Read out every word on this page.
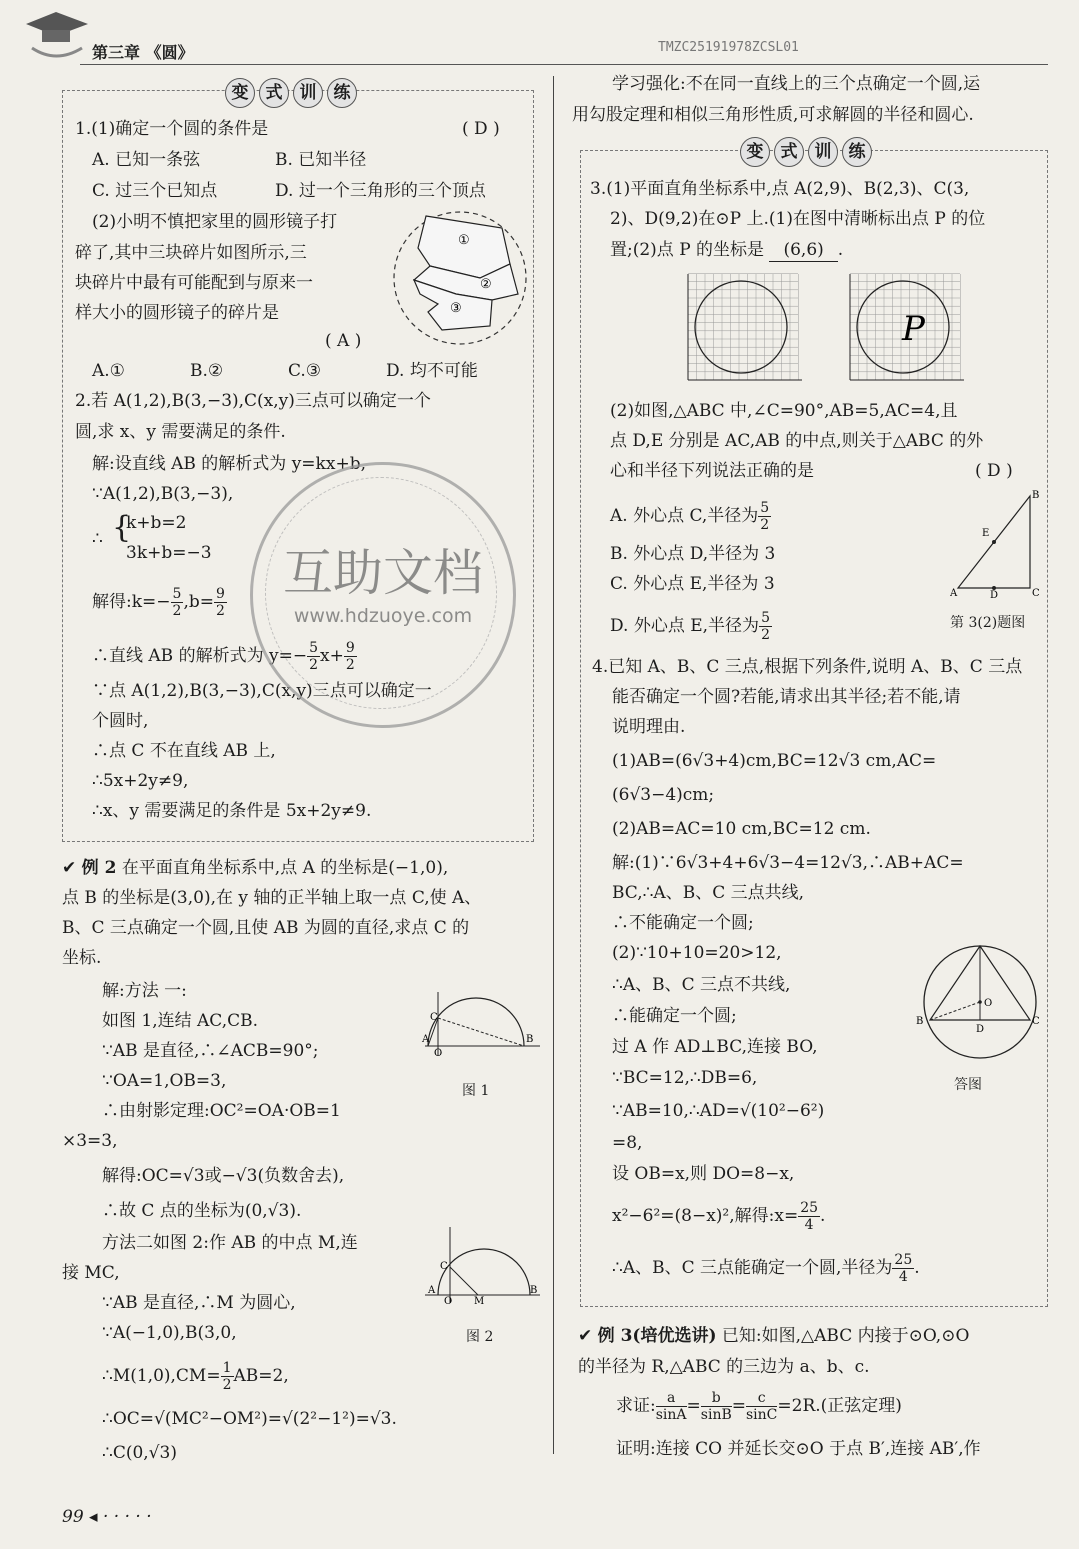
第三章 《圆》	TMZC25191978ZCSL01
变	式	训	练
1.(1)确定一个圆的条件是	( D )
A. 已知一条弦	B. 已知半径
C. 过三个已知点	D. 过一个三角形的三个顶点
(2)小明不慎把家里的圆形镜子打
碎了,其中三块碎片如图所示,三
块碎片中最有可能配到与原来一
样大小的圆形镜子的碎片是
( A )
①
②
③
A.①	B.②	C.③	D. 均不可能
2.若 A(1,2),B(3,−3),C(x,y)三点可以确定一个
圆,求 x、y 需要满足的条件.
解:设直线 AB 的解析式为 y=kx+b,
∵A(1,2),B(3,−3),
∴ {
k+b=2
3k+b=−3
解得:k=− $\frac{5}{2} ,b= \frac{9}{2}$
∴直线 AB 的解析式为 $y=- \frac{5}{2} x+ \frac{9}{2}$
∵点 A(1,2),B(3,−3),C(x,y)三点可以确定一
个圆时,
∴点 C 不在直线 AB 上,
∴5x+2y≠9,
∴x、y 需要满足的条件是 5x+2y≠9.
互助文档
www.hdzuoye.com
✔ 例 2 在平面直角坐标系中,点 A 的坐标是(−1,0),
点 B 的坐标是(3,0),在 y 轴的正半轴上取一点 C,使 A、
B、C 三点确定一个圆,且使 AB 为圆的直径,求点 C 的
坐标.
解:方法 一:
如图 1,连结 AC,CB.
∵AB 是直径,∴∠ACB=90°;
∵OA=1,OB=3,
∴由射影定理:OC²=OA·OB=1
×3=3,
解得:OC=√3或−√3(负数舍去),
∴故 C 点的坐标为(0,√3).
C
A	B
O
图 1
方法二如图 2:作 AB 的中点 M,连
接 MC,
∵AB 是直径,∴M 为圆心,
∵A(−1,0),B(3,0,
∴M(1,0),CM= $\frac{1}{2} AB=2$,
∴OC=√(MC²−OM²)=√(2²−1²)=√3.
∴C(0,√3)
C
A	B
O M
图 2
99 ◂ · · · · ·
学习强化:不在同一直线上的三个点确定一个圆,运
用勾股定理和相似三角形性质,可求解圆的半径和圆心.
变	式	训	练
3.(1)平面直角坐标系中,点 A(2,9)、B(2,3)、C(3,
2)、D(9,2)在⊙P 上.(1)在图中清晰标出点 P 的位
置;(2)点 P 的坐标是 (6,6) .
P
(2)如图,△ABC 中,∠C=90°,AB=5,AC=4,且
点 D,E 分别是 AC,AB 的中点,则关于△ABC 的外
心和半径下列说法正确的是	( D )
A. 外心点 C,半径为 $\frac{5}{2}$
B. 外心点 D,半径为 3
C. 外心点 E,半径为 3
D. 外心点 E,半径为 $\frac{5}{2}$
B
E
A	D	C
第 3(2)题图
4.已知 A、B、C 三点,根据下列条件,说明 A、B、C 三点
能否确定一个圆?若能,请求出其半径;若不能,请
说明理由.
(1)AB=(6√3+4)cm,BC=12√3 cm,AC=
(6√3−4)cm;
(2)AB=AC=10 cm,BC=12 cm.
解:(1)∵6√3+4+6√3−4=12√3,∴AB+AC=
BC,∴A、B、C 三点共线,
∴不能确定一个圆;
(2)∵10+10=20>12,
∴A、B、C 三点不共线,
∴能确定一个圆;
过 A 作 AD⊥BC,连接 BO,
∵BC=12,∴DB=6,
∵AB=10,∴AD=√(10²−6²)
=8,
设 OB=x,则 DO=8−x,
x²−6²=(8−x)²,解得:x= $\frac{25}{4}$ .
∴A、B、C 三点能确定一个圆,半径为 $\frac{25}{4}$ .
O
B
D
C
答图
✔ 例 3(培优选讲) 已知:如图,△ABC 内接于⊙O,⊙O
的半径为 R,△ABC 的三边为 a、b、c.
求证: $\frac{a}{\sin A} = \frac{b}{\sin B} = \frac{c}{\sin C} =2R$.(正弦定理)
证明:连接 CO 并延长交⊙O 于点 B′,连接 AB′,作
